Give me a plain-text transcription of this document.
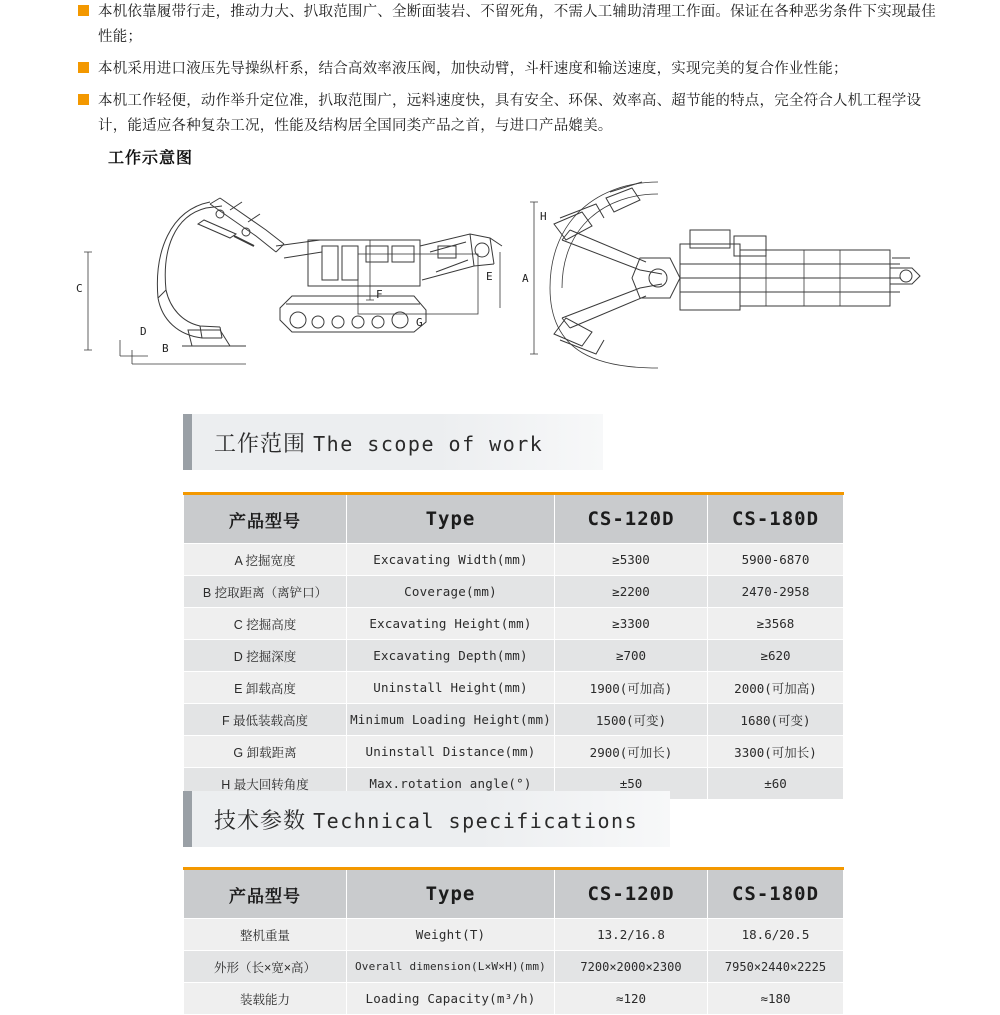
本机依靠履带行走，推动力大、扒取范围广、全断面装岩、不留死角，不需人工辅助清理工作面。保证在各种恶劣条件下实现最佳性能；
本机采用进口液压先导操纵杆系，结合高效率液压阀，加快动臂，斗杆速度和输送速度，实现完美的复合作业性能；
本机工作轻便，动作举升定位准，扒取范围广，远料速度快，具有安全、环保、效率高、超节能的特点，完全符合人机工程学设计，能适应各种复杂工况，性能及结构居全国同类产品之首，与进口产品媲美。
工作示意图
C
D
B
E
F
G
H
A
工作范围 The scope of work
产品型号	Type	CS-120D	CS-180D
A 挖掘宽度	Excavating Width(mm)	≥5300	5900-6870
B 挖取距离（离铲口）	Coverage(mm)	≥2200	2470-2958
C 挖掘高度	Excavating Height(mm)	≥3300	≥3568
D 挖掘深度	Excavating Depth(mm)	≥700	≥620
E 卸载高度	Uninstall Height(mm)	1900(可加高)	2000(可加高)
F 最低装载高度	Minimum Loading Height(mm)	1500(可变)	1680(可变)
G 卸载距离	Uninstall Distance(mm)	2900(可加长)	3300(可加长)
H 最大回转角度	Max.rotation angle(°)	±50	±60
技术参数 Technical specifications
产品型号	Type	CS-120D	CS-180D
整机重量	Weight(T)	13.2/16.8	18.6/20.5
外形（长×宽×高）	Overall dimension(L×W×H)(mm)	7200×2000×2300	7950×2440×2225
装载能力	Loading Capacity(m³/h)	≈120	≈180
